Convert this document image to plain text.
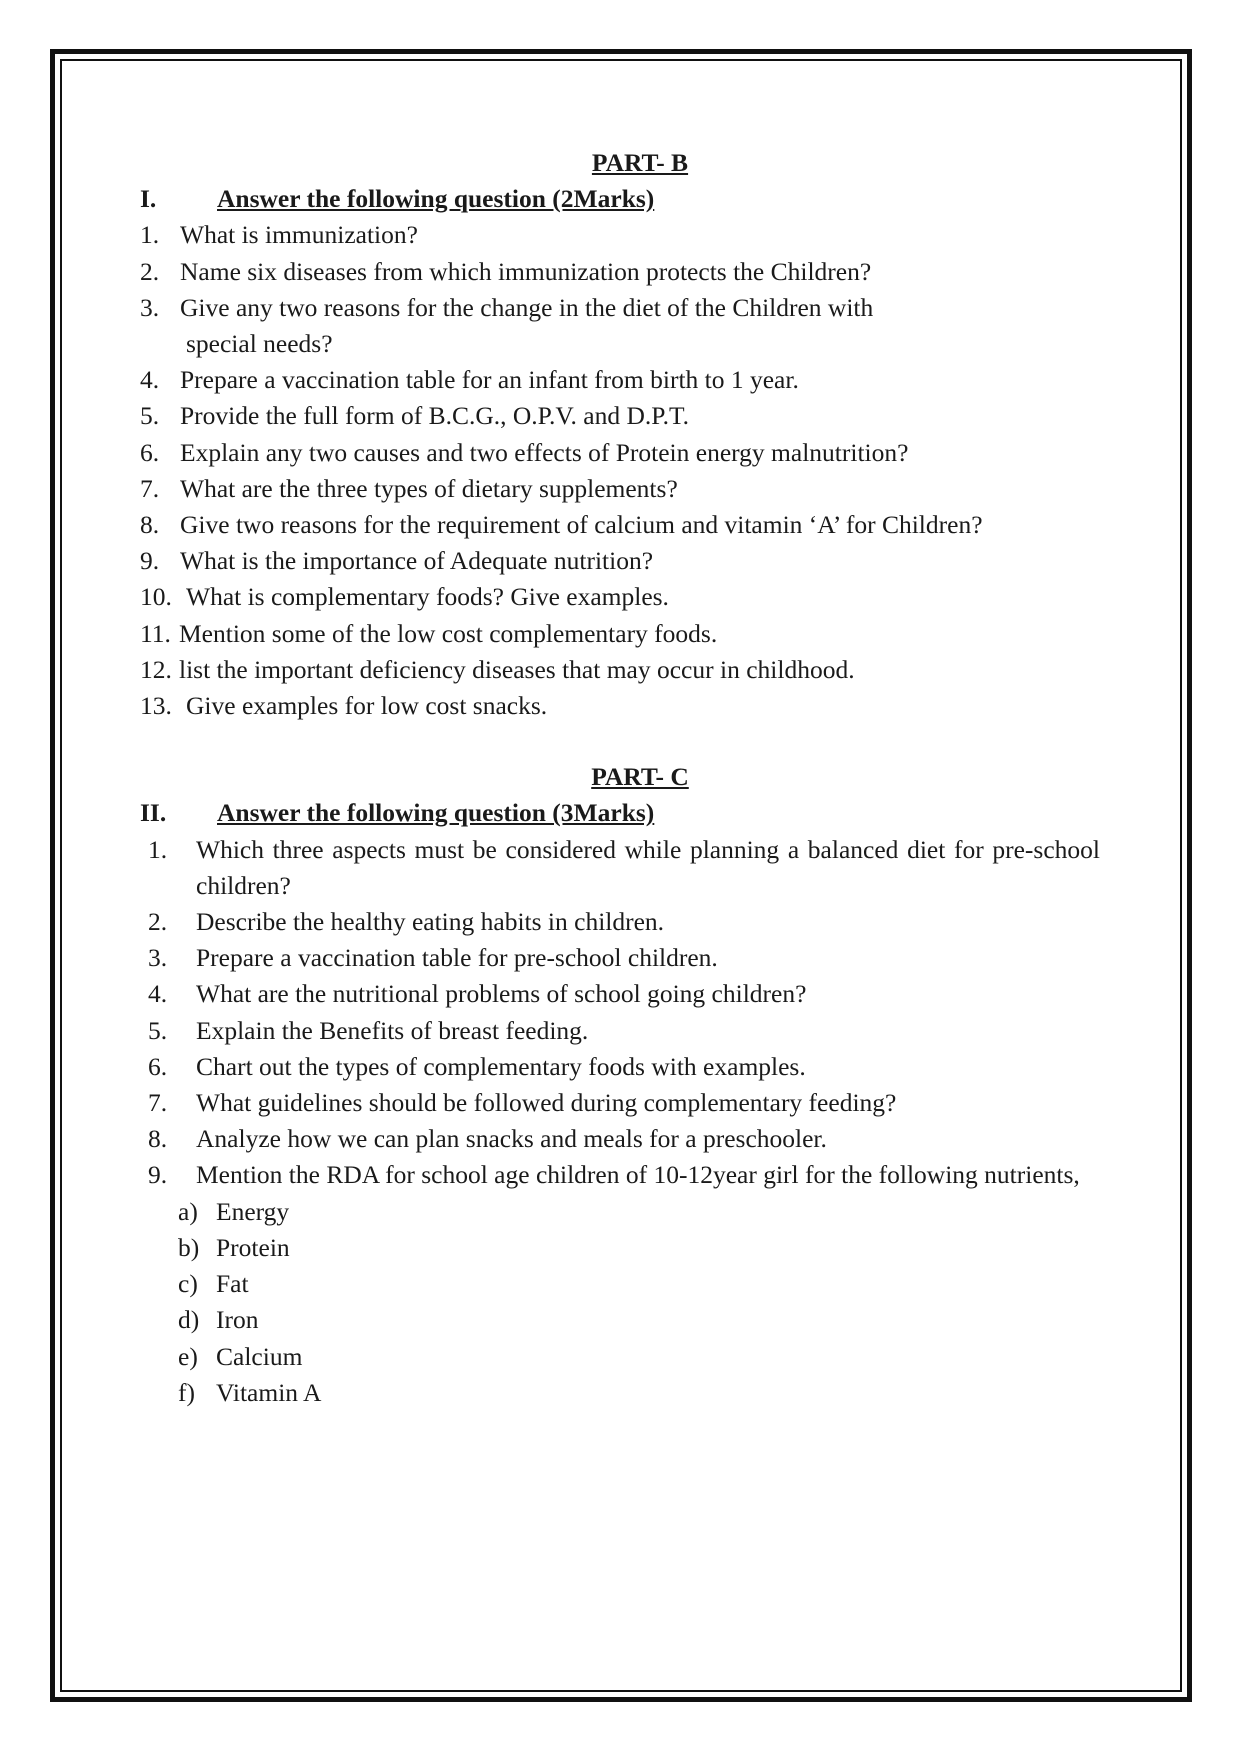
PART- B
I.	Answer the following question (2Marks)
1. What is immunization?
2. Name six diseases from which immunization protects the Children?
3. Give any two reasons for the change in the diet of the Children with
special needs?
4. Prepare a vaccination table for an infant from birth to 1 year.
5. Provide the full form of B.C.G., O.P.V. and D.P.T.
6. Explain any two causes and two effects of Protein energy malnutrition?
7. What are the three types of dietary supplements?
8. Give two reasons for the requirement of calcium and vitamin ‘A’ for Children?
9. What is the importance of Adequate nutrition?
10. What is complementary foods? Give examples.
11. Mention some of the low cost complementary foods.
12. list the important deficiency diseases that may occur in childhood.
13. Give examples for low cost snacks.
PART- C
II.	Answer the following question (3Marks)
1.	Which three aspects must be considered while planning a balanced diet for pre-school children?
2.	Describe the healthy eating habits in children.
3.	Prepare a vaccination table for pre-school children.
4.	What are the nutritional problems of school going children?
5.	Explain the Benefits of breast feeding.
6.	Chart out the types of complementary foods with examples.
7.	What guidelines should be followed during complementary feeding?
8.	Analyze how we can plan snacks and meals for a preschooler.
9.	Mention the RDA for school age children of 10-12year girl for the following nutrients,
a) Energy
b) Protein
c) Fat
d) Iron
e) Calcium
f) Vitamin A
